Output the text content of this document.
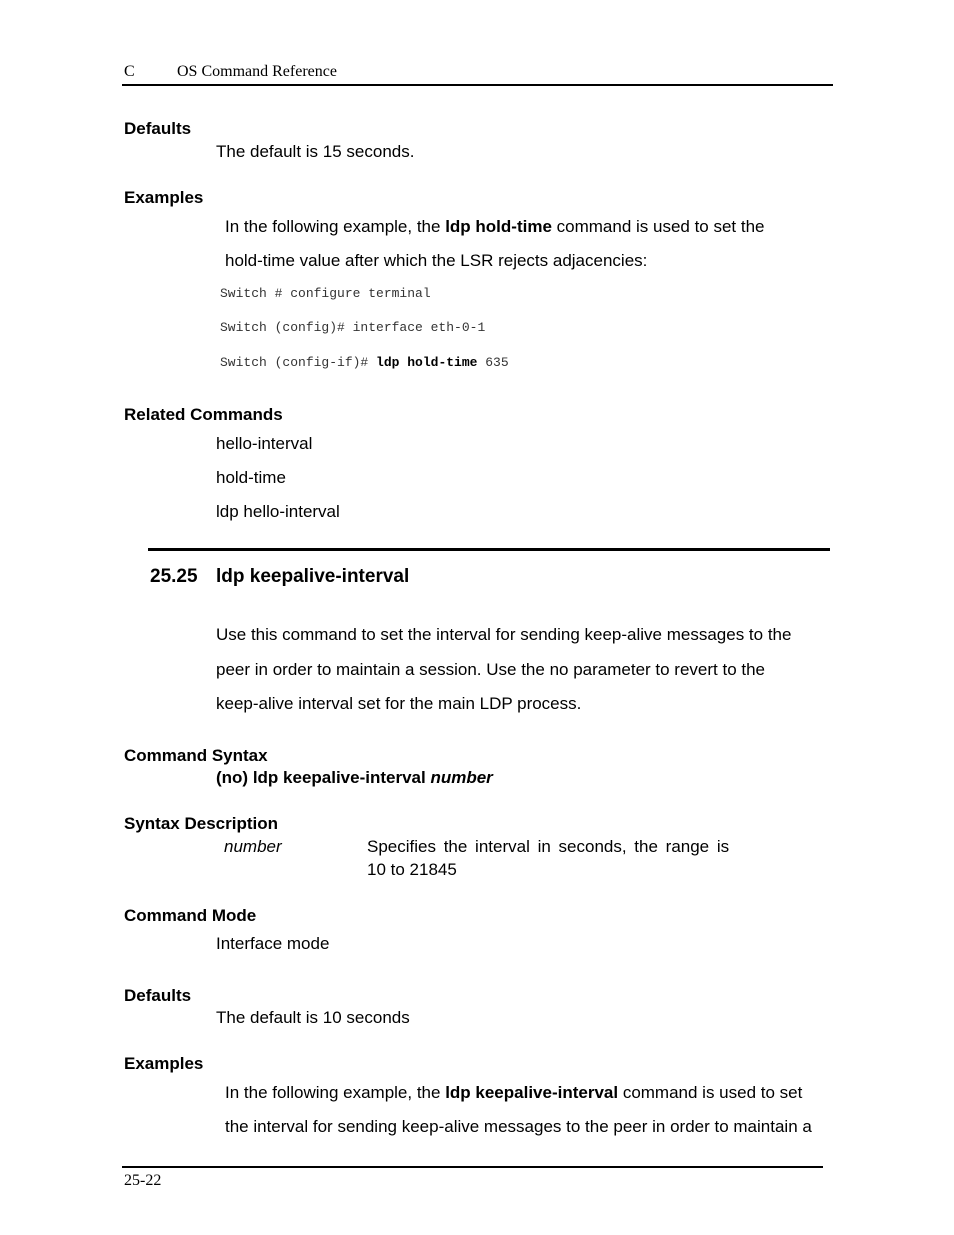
C	OS Command Reference
Defaults
The default is 15 seconds.
Examples
In the following example, the ldp hold-time command is used to set the
hold-time value after which the LSR rejects adjacencies:
Switch # configure terminal
Switch (config)# interface eth-0-1
Switch (config-if)# ldp hold-time 635
Related Commands
hello-interval
hold-time
ldp hello-interval
25.25 ldp keepalive-interval
Use this command to set the interval for sending keep-alive messages to the
peer in order to maintain a session. Use the no parameter to revert to the
keep-alive interval set for the main LDP process.
Command Syntax
(no) ldp keepalive-interval number
Syntax Description
number	Specifies the interval in seconds, the range is
10 to 21845
Command Mode
Interface mode
Defaults
The default is 10 seconds
Examples
In the following example, the ldp keepalive-interval command is used to set
the interval for sending keep-alive messages to the peer in order to maintain a
25-22
